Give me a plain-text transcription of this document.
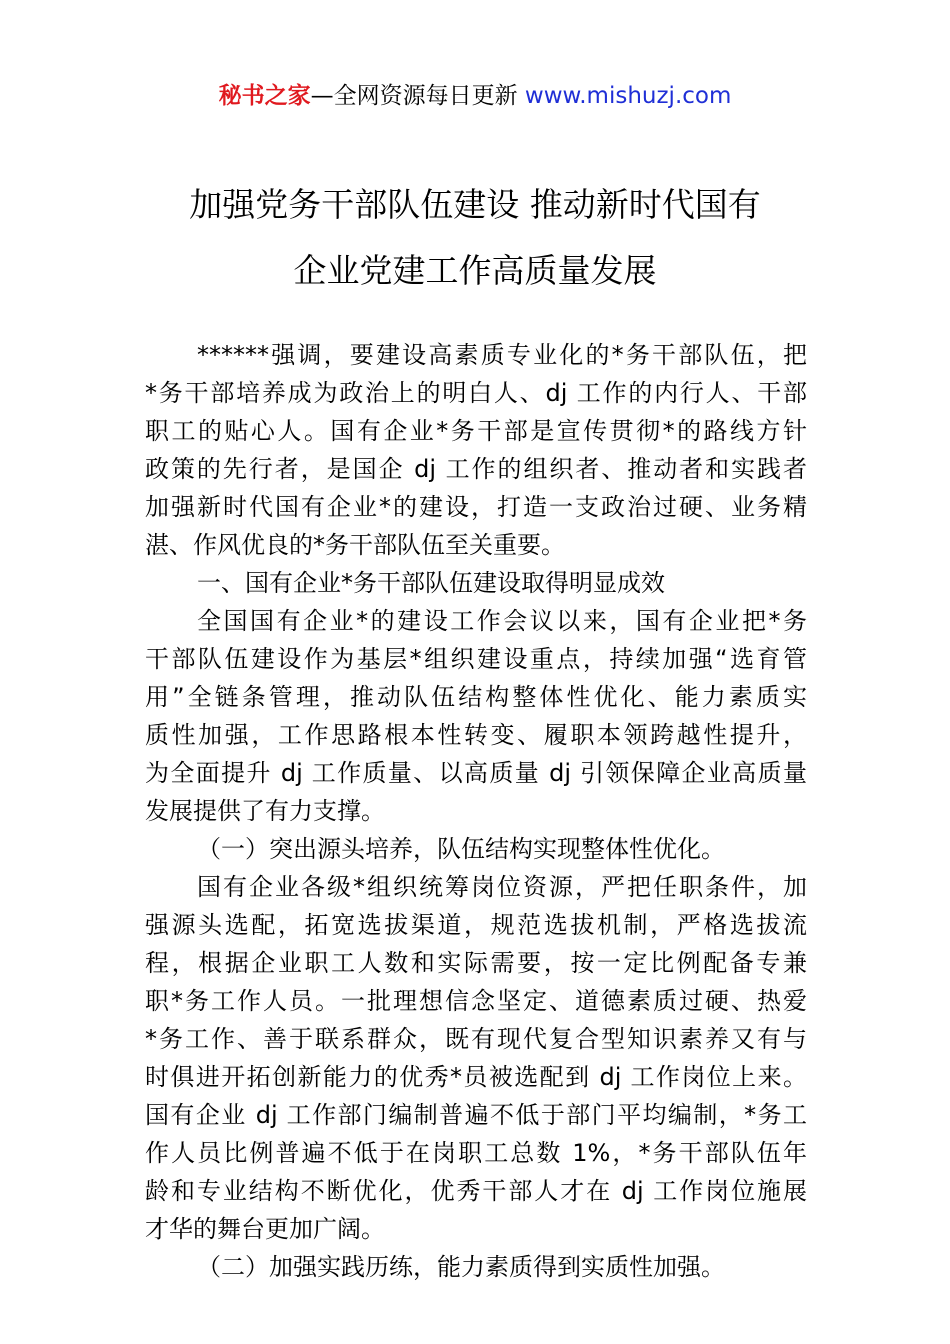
秘书之家—全网资源每日更新 www.mishuzj.com
加强党务干部队伍建设 推动新时代国有
企业党建工作高质量发展
******强调，要建设高素质专业化的*务干部队伍，把
*务干部培养成为政治上的明白人、dj 工作的内行人、干部
职工的贴心人。国有企业*务干部是宣传贯彻*的路线方针
政策的先行者，是国企 dj 工作的组织者、推动者和实践者
加强新时代国有企业*的建设，打造一支政治过硬、业务精
湛、作风优良的*务干部队伍至关重要。
一、国有企业*务干部队伍建设取得明显成效
全国国有企业*的建设工作会议以来，国有企业把*务
干部队伍建设作为基层*组织建设重点，持续加强“选育管
用”全链条管理，推动队伍结构整体性优化、能力素质实
质性加强，工作思路根本性转变、履职本领跨越性提升，
为全面提升 dj 工作质量、以高质量 dj 引领保障企业高质量
发展提供了有力支撑。
（一）突出源头培养，队伍结构实现整体性优化。
国有企业各级*组织统筹岗位资源，严把任职条件，加
强源头选配，拓宽选拔渠道，规范选拔机制，严格选拔流
程，根据企业职工人数和实际需要，按一定比例配备专兼
职*务工作人员。一批理想信念坚定、道德素质过硬、热爱
*务工作、善于联系群众，既有现代复合型知识素养又有与
时俱进开拓创新能力的优秀*员被选配到 dj 工作岗位上来。
国有企业 dj 工作部门编制普遍不低于部门平均编制，*务工
作人员比例普遍不低于在岗职工总数 1%，*务干部队伍年
龄和专业结构不断优化，优秀干部人才在 dj 工作岗位施展
才华的舞台更加广阔。
（二）加强实践历练，能力素质得到实质性加强。
